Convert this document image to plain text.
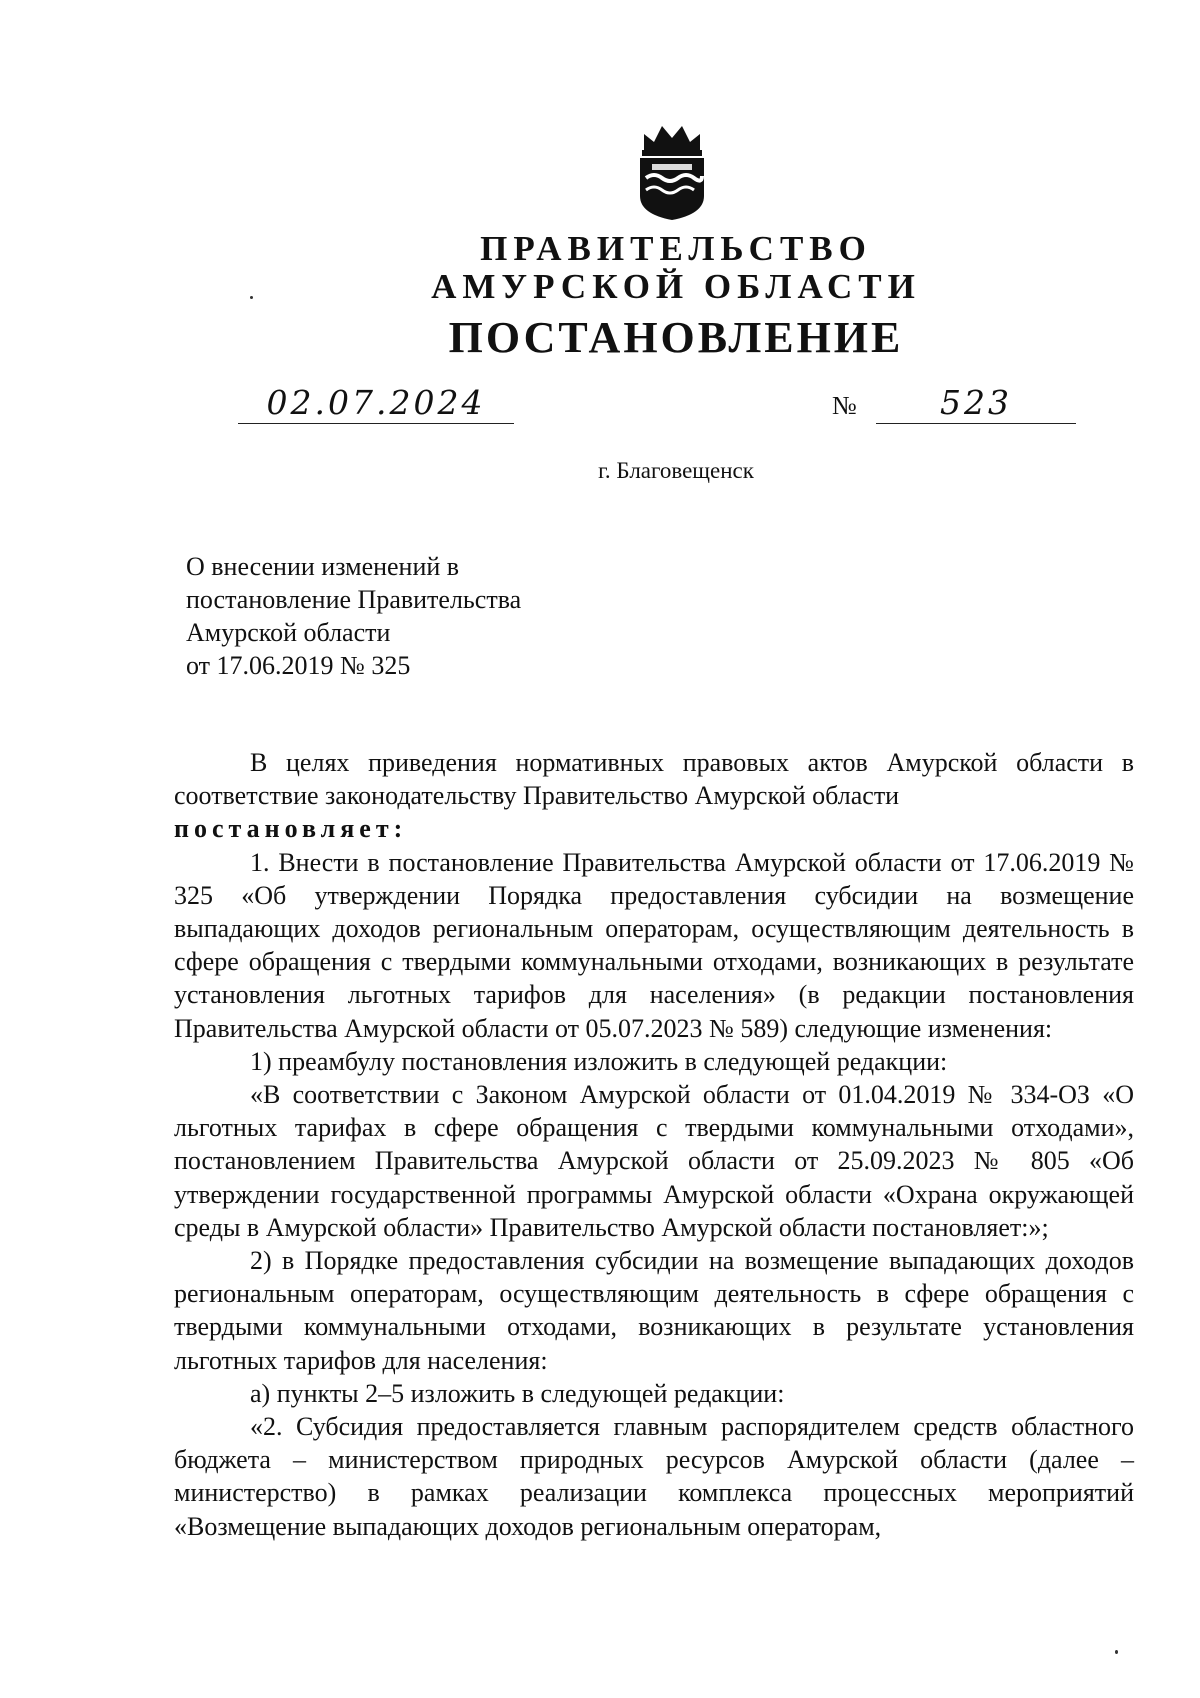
ПРАВИТЕЛЬСТВО
АМУРСКОЙ ОБЛАСТИ
ПОСТАНОВЛЕНИЕ
02.07.2024	№	523
г. Благовещенск
О внесении изменений в
постановление Правительства
Амурской области
от 17.06.2019 № 325

В целях приведения нормативных правовых актов Амурской области в соответствие законодательству Правительство Амурской области

постановляет:

1. Внести в постановление Правительства Амурской области от 17.06.2019 № 325 «Об утверждении Порядка предоставления субсидии на возмещение выпадающих доходов региональным операторам, осуществляющим деятельность в сфере обращения с твердыми коммунальными отходами, возникающих в результате установления льготных тарифов для населения» (в редакции постановления Правительства Амурской области от 05.07.2023 № 589) следующие изменения:

1) преамбулу постановления изложить в следующей редакции:

«В соответствии с Законом Амурской области от 01.04.2019 № 334-ОЗ «О льготных тарифах в сфере обращения с твердыми коммунальными отходами», постановлением Правительства Амурской области от 25.09.2023 № 805 «Об утверждении государственной программы Амурской области «Охрана окружающей среды в Амурской области» Правительство Амурской области постановляет:»;

2) в Порядке предоставления субсидии на возмещение выпадающих доходов региональным операторам, осуществляющим деятельность в сфере обращения с твердыми коммунальными отходами, возникающих в результате установления льготных тарифов для населения:

а) пункты 2–5 изложить в следующей редакции:

«2. Субсидия предоставляется главным распорядителем средств областного бюджета – министерством природных ресурсов Амурской области (далее – министерство) в рамках реализации комплекса процессных мероприятий «Возмещение выпадающих доходов региональным операторам,
